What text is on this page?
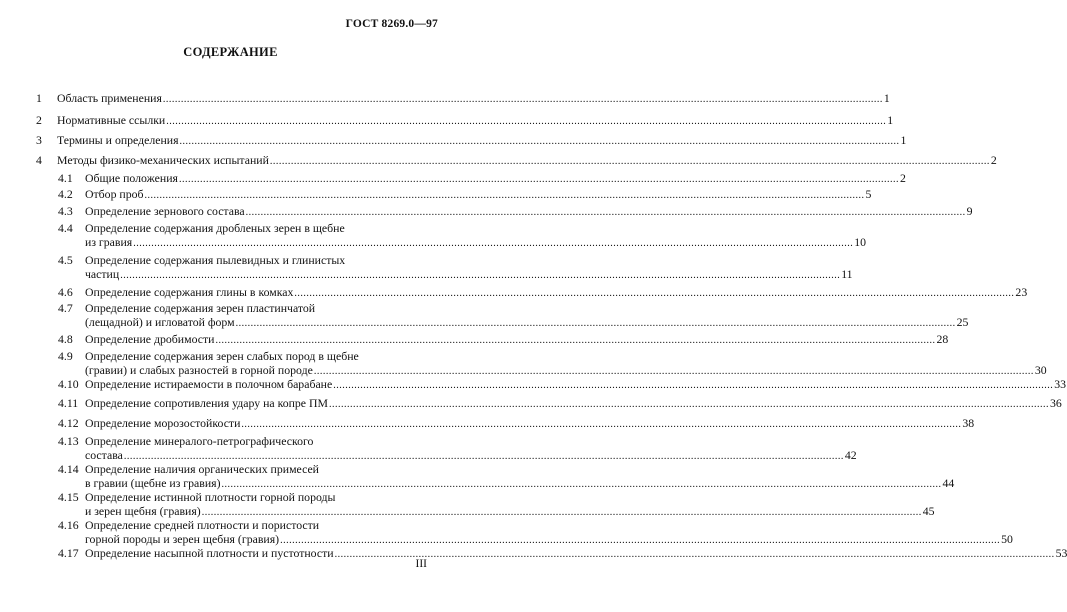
ГОСТ 8269.0—97
СОДЕРЖАНИЕ
1 Область применения ................................................................................................................................................................................................................................................ 1
2 Нормативные ссылки ................................................................................................................................................................................................................................................ 1
3 Термины и определения ................................................................................................................................................................................................................................................ 1
4 Методы физико-механических испытаний ................................................................................................................................................................................................................................................ 2
4.1 Общие положения ................................................................................................................................................................................................................................................ 2
4.2 Отбор проб ................................................................................................................................................................................................................................................ 5
4.3 Определение зернового состава ................................................................................................................................................................................................................................................ 9
4.4 Определение содержания дробленых зерен в щебне
из гравия ................................................................................................................................................................................................................................................ 10
4.5 Определение содержания пылевидных и глинистых
частиц ................................................................................................................................................................................................................................................ 11
4.6 Определение содержания глины в комках ................................................................................................................................................................................................................................................ 23
4.7 Определение содержания зерен пластинчатой
(лещадной) и игловатой форм ................................................................................................................................................................................................................................................ 25
4.8 Определение дробимости ................................................................................................................................................................................................................................................ 28
4.9 Определение содержания зерен слабых пород в щебне
(гравии) и слабых разностей в горной породе ................................................................................................................................................................................................................................................ 30
4.10 Определение истираемости в полочном барабане ................................................................................................................................................................................................................................................ 33
4.11 Определение сопротивления удару на копре ПМ ................................................................................................................................................................................................................................................ 36
4.12 Определение морозостойкости ................................................................................................................................................................................................................................................ 38
4.13 Определение минералого-петрографического
состава ................................................................................................................................................................................................................................................ 42
4.14 Определение наличия органических примесей
в гравии (щебне из гравия) ................................................................................................................................................................................................................................................ 44
4.15 Определение истинной плотности горной породы
и зерен щебня (гравия) ................................................................................................................................................................................................................................................ 45
4.16 Определение средней плотности и пористости
горной породы и зерен щебня (гравия) ................................................................................................................................................................................................................................................ 50
4.17 Определение насыпной плотности и пустотности ................................................................................................................................................................................................................................................ 53
III
